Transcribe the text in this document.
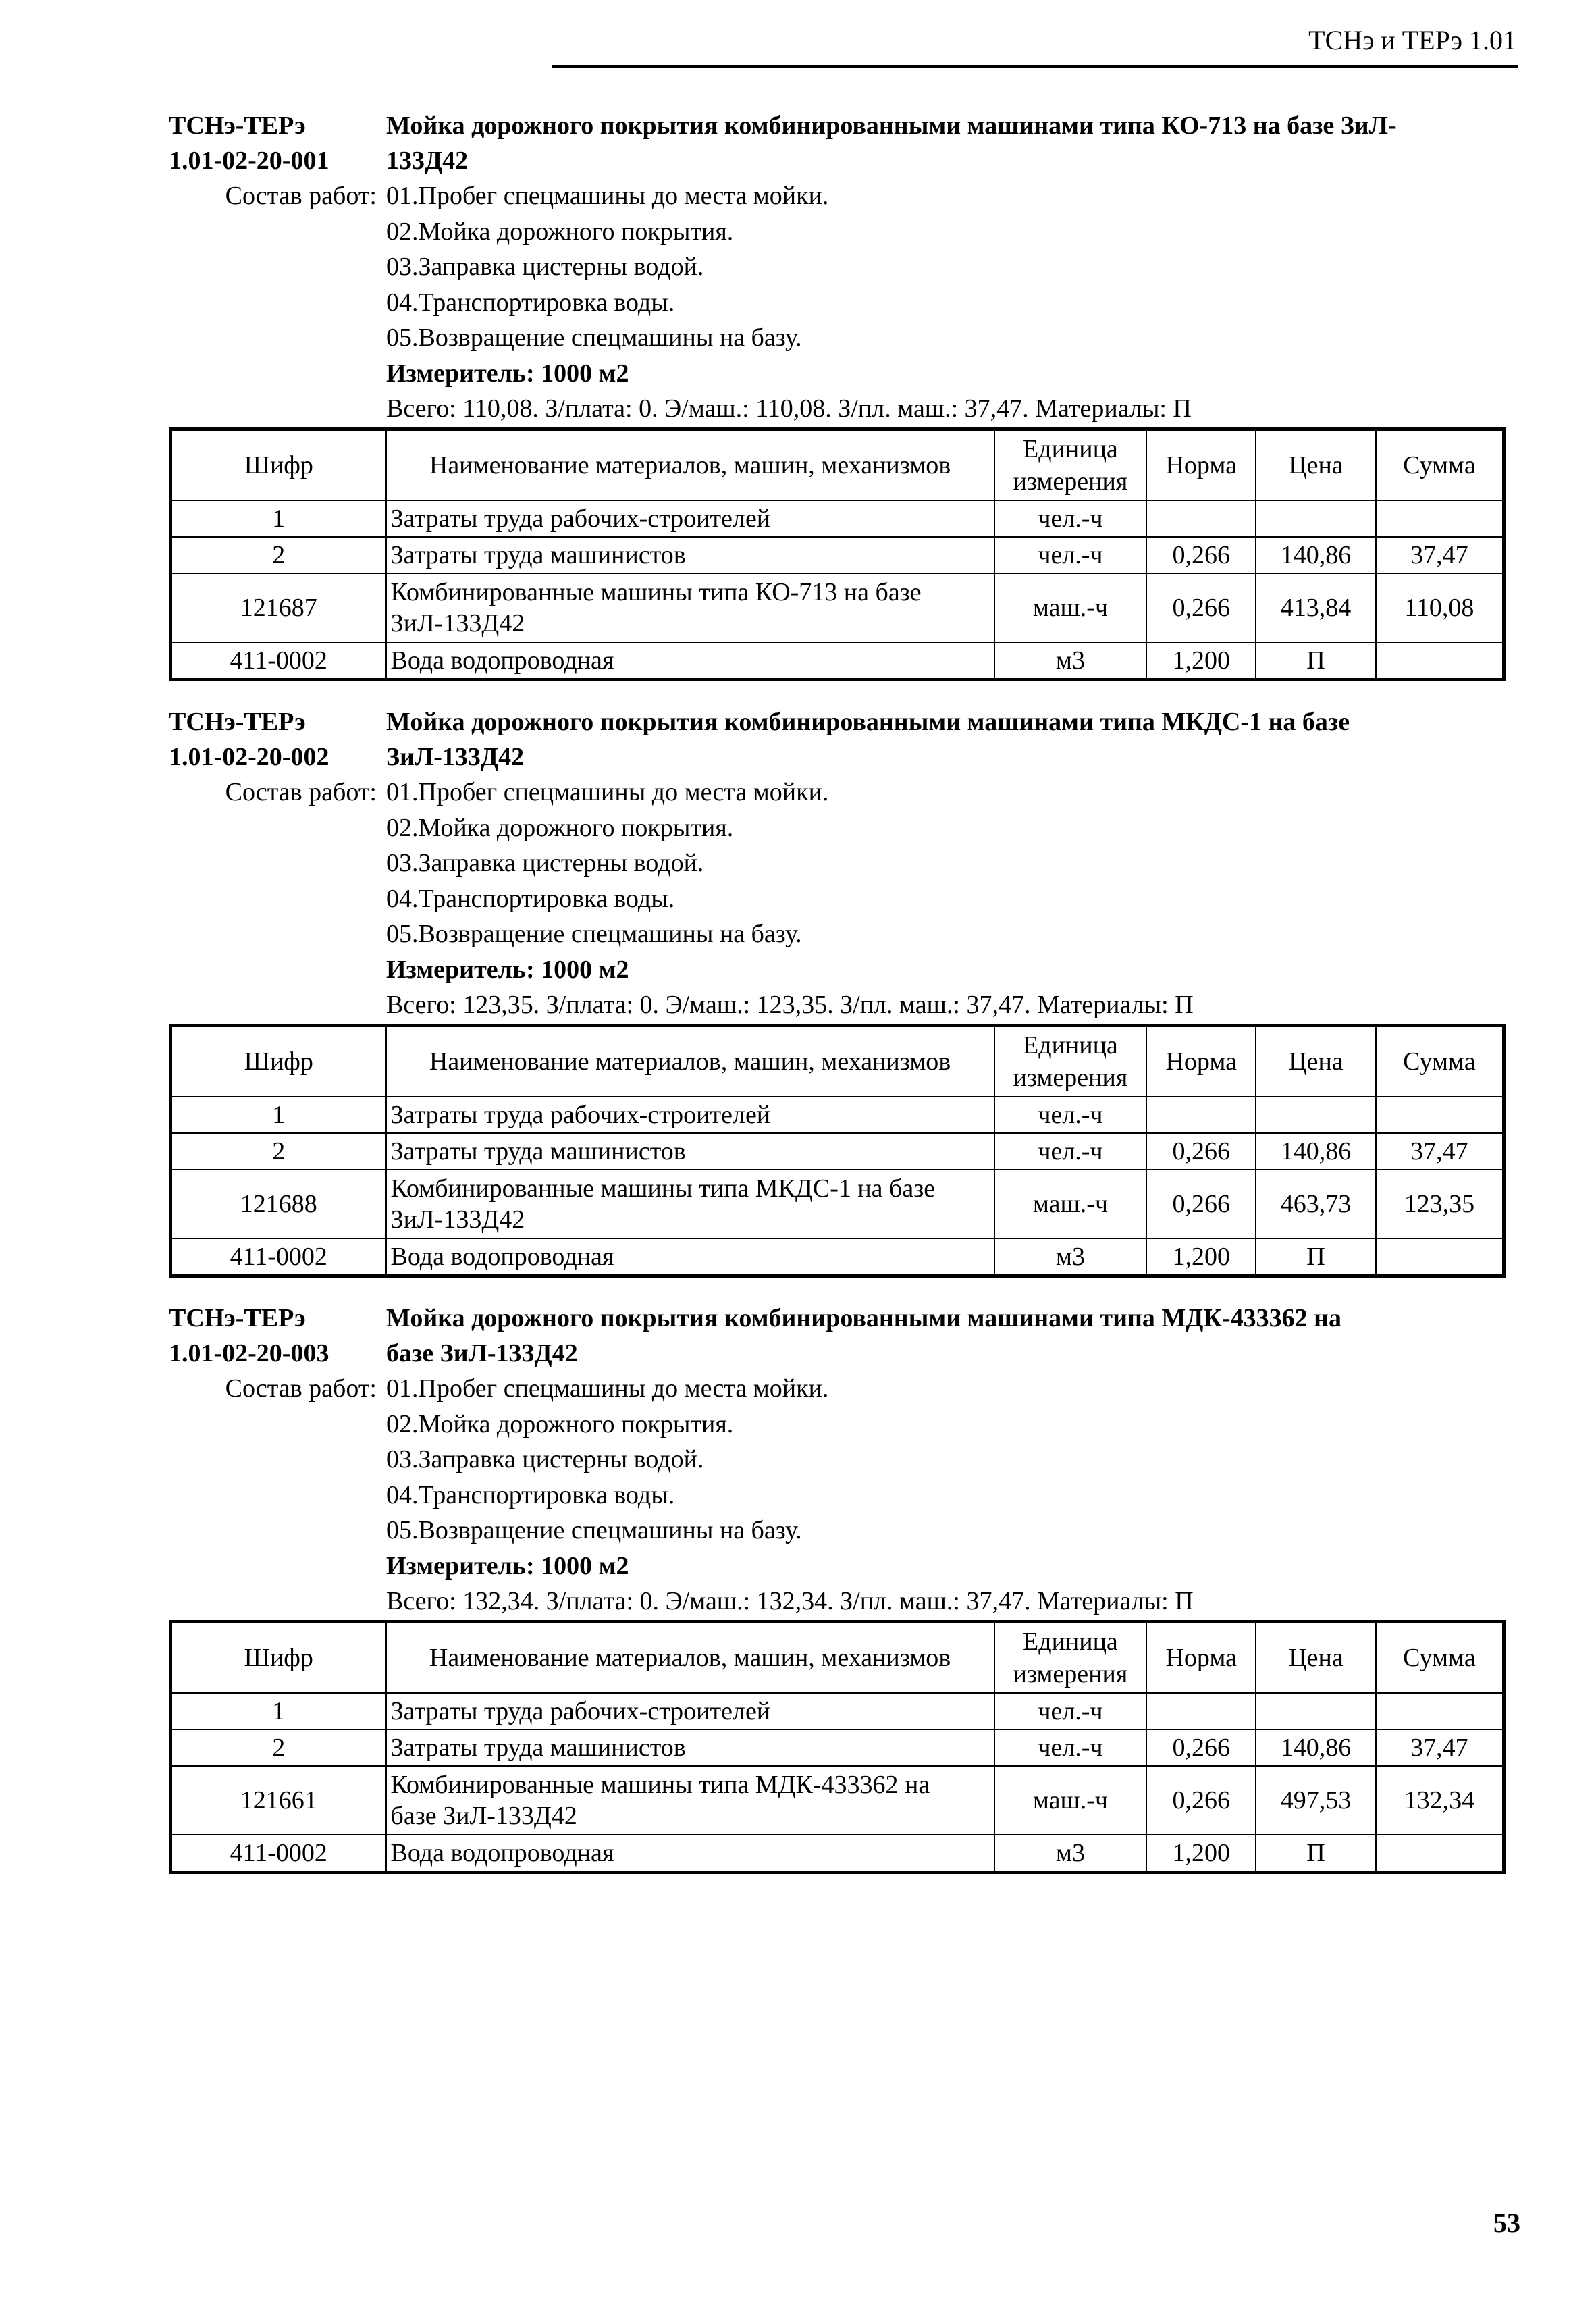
ТСНэ и ТЕРэ 1.01
ТСНэ-ТЕРэ
1.01-02-20-001
Мойка дорожного покрытия комбинированными машинами типа КО-713 на базе ЗиЛ-
133Д42
Состав работ: 01.Пробег спецмашины до места мойки.
02.Мойка дорожного покрытия.
03.Заправка цистерны водой.
04.Транспортировка воды.
05.Возвращение спецмашины на базу.
Измеритель: 1000 м2
Всего: 110,08. З/плата: 0. Э/маш.: 110,08. З/пл. маш.: 37,47. Материалы: П
Шифр	Наименование материалов, машин, механизмов	Единица
измерения	Норма	Цена	Сумма
1	Затраты труда рабочих-строителей	чел.-ч			
2	Затраты труда машинистов	чел.-ч	0,266	140,86	37,47
121687	Комбинированные машины типа КО-713 на базе
ЗиЛ-133Д42	маш.-ч	0,266	413,84	110,08
411-0002	Вода водопроводная	м3	1,200	П	
ТСНэ-ТЕРэ
1.01-02-20-002
Мойка дорожного покрытия комбинированными машинами типа МКДС-1 на базе
ЗиЛ-133Д42
Состав работ: 01.Пробег спецмашины до места мойки.
02.Мойка дорожного покрытия.
03.Заправка цистерны водой.
04.Транспортировка воды.
05.Возвращение спецмашины на базу.
Измеритель: 1000 м2
Всего: 123,35. З/плата: 0. Э/маш.: 123,35. З/пл. маш.: 37,47. Материалы: П
Шифр	Наименование материалов, машин, механизмов	Единица
измерения	Норма	Цена	Сумма
1	Затраты труда рабочих-строителей	чел.-ч			
2	Затраты труда машинистов	чел.-ч	0,266	140,86	37,47
121688	Комбинированные машины типа МКДС-1 на базе
ЗиЛ-133Д42	маш.-ч	0,266	463,73	123,35
411-0002	Вода водопроводная	м3	1,200	П	
ТСНэ-ТЕРэ
1.01-02-20-003
Мойка дорожного покрытия комбинированными машинами типа МДК-433362 на
базе ЗиЛ-133Д42
Состав работ: 01.Пробег спецмашины до места мойки.
02.Мойка дорожного покрытия.
03.Заправка цистерны водой.
04.Транспортировка воды.
05.Возвращение спецмашины на базу.
Измеритель: 1000 м2
Всего: 132,34. З/плата: 0. Э/маш.: 132,34. З/пл. маш.: 37,47. Материалы: П
Шифр	Наименование материалов, машин, механизмов	Единица
измерения	Норма	Цена	Сумма
1	Затраты труда рабочих-строителей	чел.-ч			
2	Затраты труда машинистов	чел.-ч	0,266	140,86	37,47
121661	Комбинированные машины типа МДК-433362 на
базе ЗиЛ-133Д42	маш.-ч	0,266	497,53	132,34
411-0002	Вода водопроводная	м3	1,200	П	
53
